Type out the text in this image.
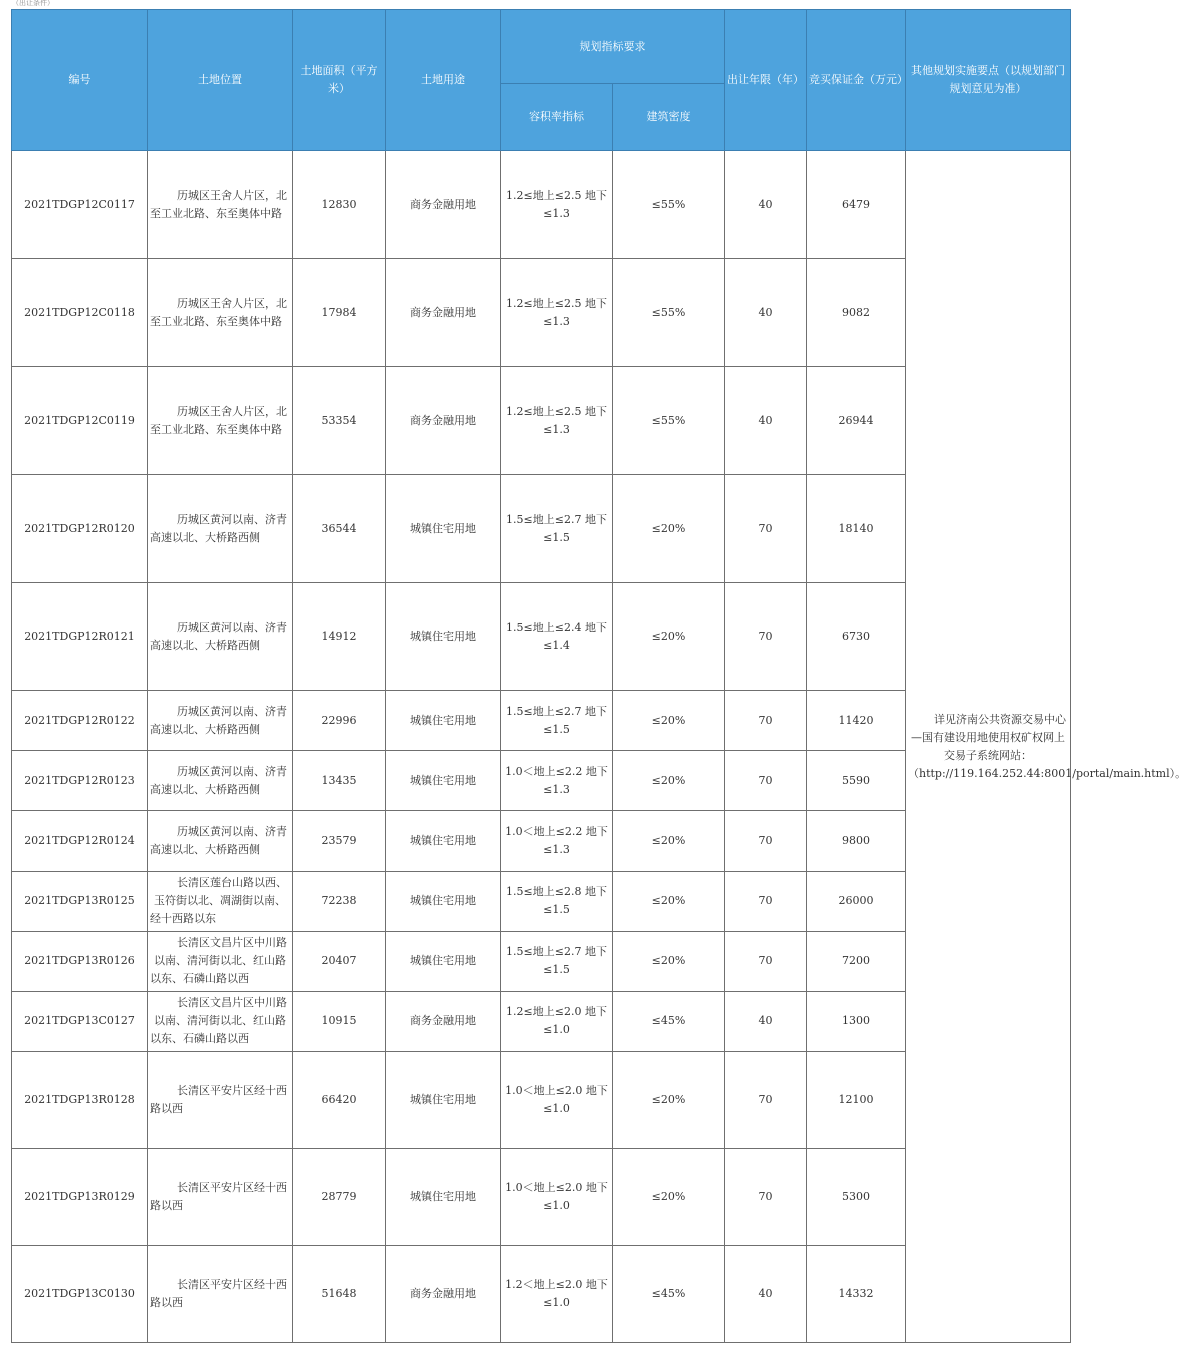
（出让条件）
编号	土地位置	土地面积（平方米）	土地用途	规划指标要求		出让年限（年）	竞买保证金（万元）	其他规划实施要点（以规划部门规划意见为准）
				容积率指标	建筑密度			
2021TDGP12C0117	历城区王舍人片区，北至工业北路、东至奥体中路	12830	商务金融用地	1.2≤地上≤2.5 地下≤1.3	≤55%	40	6479	详见济南公共资源交易中心—国有建设用地使用权矿权网上交易子系统网站：（http://119.164.252.44:8001/portal/main.html）。
2021TDGP12C0118	历城区王舍人片区，北至工业北路、东至奥体中路	17984	商务金融用地	1.2≤地上≤2.5 地下≤1.3	≤55%	40	9082	
2021TDGP12C0119	历城区王舍人片区，北至工业北路、东至奥体中路	53354	商务金融用地	1.2≤地上≤2.5 地下≤1.3	≤55%	40	26944	
2021TDGP12R0120	历城区黄河以南、济青高速以北、大桥路西侧	36544	城镇住宅用地	1.5≤地上≤2.7 地下≤1.5	≤20%	70	18140	
2021TDGP12R0121	历城区黄河以南、济青高速以北、大桥路西侧	14912	城镇住宅用地	1.5≤地上≤2.4 地下≤1.4	≤20%	70	6730	
2021TDGP12R0122	历城区黄河以南、济青高速以北、大桥路西侧	22996	城镇住宅用地	1.5≤地上≤2.7 地下≤1.5	≤20%	70	11420	
2021TDGP12R0123	历城区黄河以南、济青高速以北、大桥路西侧	13435	城镇住宅用地	1.0＜地上≤2.2 地下≤1.3	≤20%	70	5590	
2021TDGP12R0124	历城区黄河以南、济青高速以北、大桥路西侧	23579	城镇住宅用地	1.0＜地上≤2.2 地下≤1.3	≤20%	70	9800	
2021TDGP13R0125	长清区莲台山路以西、玉符街以北、凋湖街以南、经十西路以东	72238	城镇住宅用地	1.5≤地上≤2.8 地下≤1.5	≤20%	70	26000	
2021TDGP13R0126	长清区文昌片区中川路以南、清河街以北、红山路以东、石磷山路以西	20407	城镇住宅用地	1.5≤地上≤2.7 地下≤1.5	≤20%	70	7200	
2021TDGP13C0127	长清区文昌片区中川路以南、清河街以北、红山路以东、石磷山路以西	10915	商务金融用地	1.2≤地上≤2.0 地下≤1.0	≤45%	40	1300	
2021TDGP13R0128	长清区平安片区经十西路以西	66420	城镇住宅用地	1.0＜地上≤2.0 地下≤1.0	≤20%	70	12100	
2021TDGP13R0129	长清区平安片区经十西路以西	28779	城镇住宅用地	1.0＜地上≤2.0 地下≤1.0	≤20%	70	5300	
2021TDGP13C0130	长清区平安片区经十西路以西	51648	商务金融用地	1.2＜地上≤2.0 地下≤1.0	≤45%	40	14332	
